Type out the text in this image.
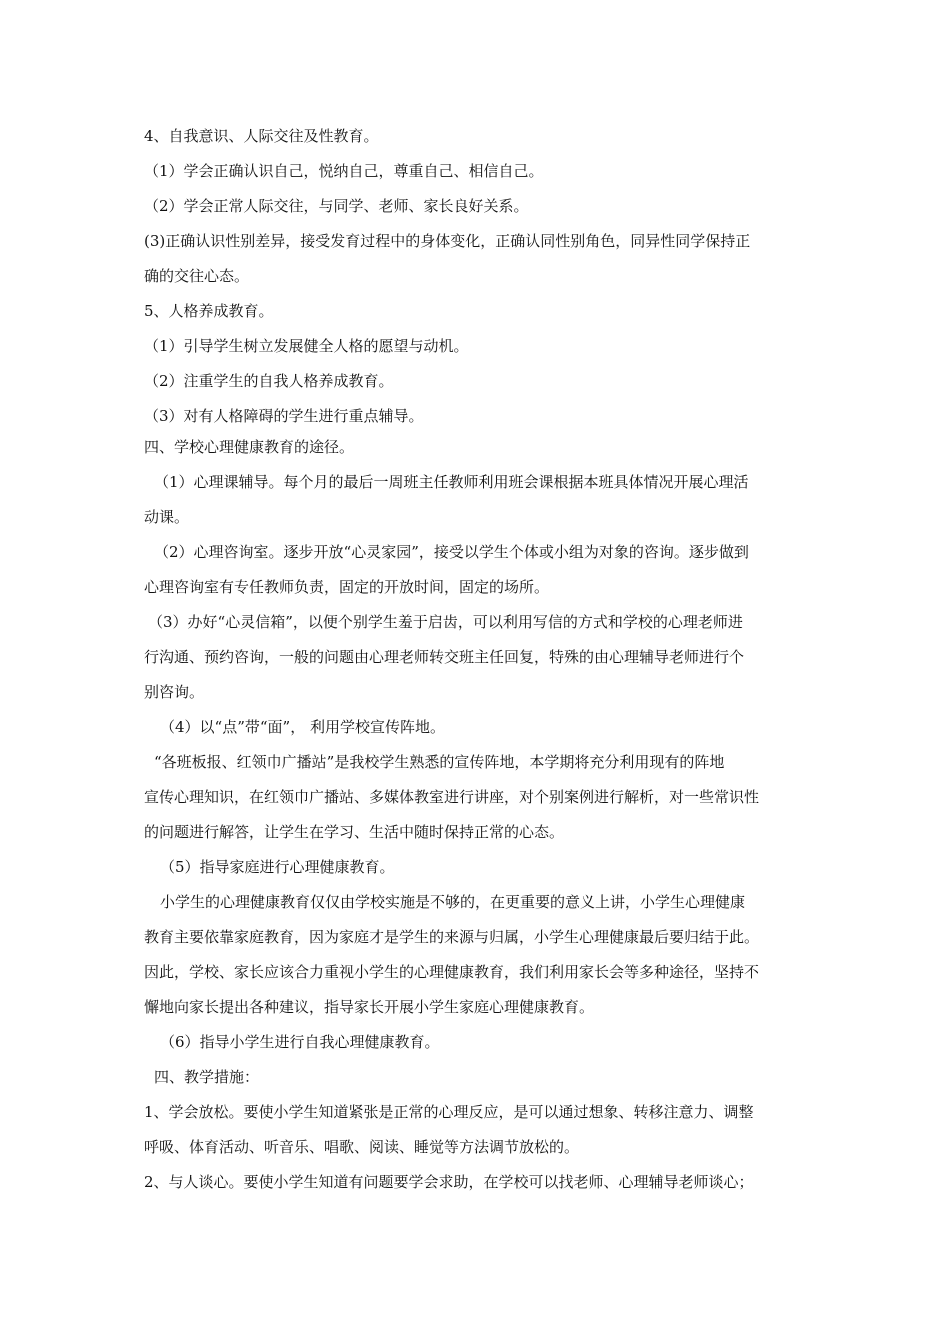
4、自我意识、人际交往及性教育。
（1）学会正确认识自己，悦纳自己，尊重自己、相信自己。
（2）学会正常人际交往，与同学、老师、家长良好关系。
(3)正确认识性别差异，接受发育过程中的身体变化，正确认同性别角色，同异性同学保持正
确的交往心态。
5、人格养成教育。
（1）引导学生树立发展健全人格的愿望与动机。
（2）注重学生的自我人格养成教育。
（3）对有人格障碍的学生进行重点辅导。
四、学校心理健康教育的途径。
（1）心理课辅导。每个月的最后一周班主任教师利用班会课根据本班具体情况开展心理活
动课。
（2）心理咨询室。逐步开放“心灵家园”，接受以学生个体或小组为对象的咨询。逐步做到
心理咨询室有专任教师负责，固定的开放时间，固定的场所。
（3）办好“心灵信箱”，以便个别学生羞于启齿，可以利用写信的方式和学校的心理老师进
行沟通、预约咨询，一般的问题由心理老师转交班主任回复，特殊的由心理辅导老师进行个
别咨询。
（4）以“点”带“面”， 利用学校宣传阵地。
“各班板报、红领巾广播站”是我校学生熟悉的宣传阵地，本学期将充分利用现有的阵地
宣传心理知识，在红领巾广播站、多媒体教室进行讲座，对个别案例进行解析，对一些常识性
的问题进行解答，让学生在学习、生活中随时保持正常的心态。
（5）指导家庭进行心理健康教育。
小学生的心理健康教育仅仅由学校实施是不够的，在更重要的意义上讲，小学生心理健康
教育主要依靠家庭教育，因为家庭才是学生的来源与归属，小学生心理健康最后要归结于此。
因此，学校、家长应该合力重视小学生的心理健康教育，我们利用家长会等多种途径，坚持不
懈地向家长提出各种建议，指导家长开展小学生家庭心理健康教育。
（6）指导小学生进行自我心理健康教育。
四、教学措施：
1、学会放松。要使小学生知道紧张是正常的心理反应，是可以通过想象、转移注意力、调整
呼吸、体育活动、听音乐、唱歌、阅读、睡觉等方法调节放松的。
2、与人谈心。要使小学生知道有问题要学会求助，在学校可以找老师、心理辅导老师谈心；
